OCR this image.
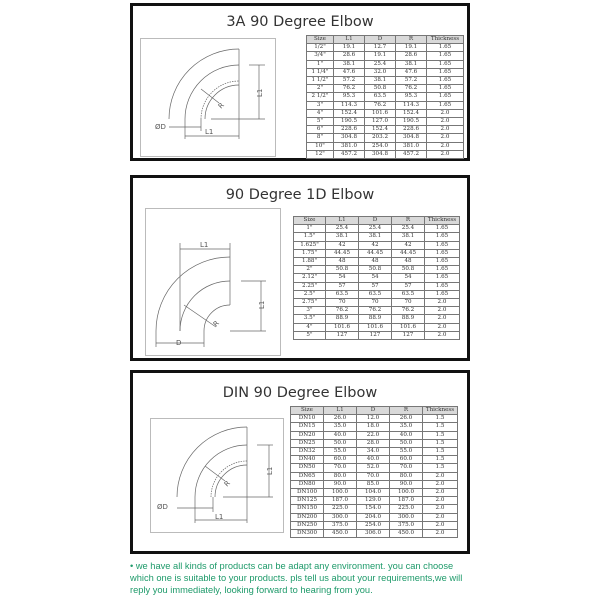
3A 90 Degree Elbow
ØD
L1
L1
R
Size	L1	D	R	Thickness
1/2"	19.1	12.7	19.1	1.65
3/4"	28.6	19.1	28.6	1.65
1"	38.1	25.4	38.1	1.65
1 1/4"	47.6	32.0	47.6	1.65
1 1/2"	57.2	38.1	57.2	1.65
2"	76.2	50.8	76.2	1.65
2 1/2"	95.3	63.5	95.3	1.65
3"	114.3	76.2	114.3	1.65
4"	152.4	101.6	152.4	2.0
5"	190.5	127.0	190.5	2.0
6"	228.6	152.4	228.6	2.0
8"	304.8	203.2	304.8	2.0
10"	381.0	254.0	381.0	2.0
12"	457.2	304.8	457.2	2.0
90 Degree 1D Elbow
L1
L1
D
R
Size	L1	D	R	Thickness
1"	25.4	25.4	25.4	1.65
1.5"	38.1	38.1	38.1	1.65
1.625"	42	42	42	1.65
1.75"	44.45	44.45	44.45	1.65
1.88"	48	48	48	1.65
2"	50.8	50.8	50.8	1.65
2.12"	54	54	54	1.65
2.25"	57	57	57	1.65
2.5"	63.5	63.5	63.5	1.65
2.75"	70	70	70	2.0
3"	76.2	76.2	76.2	2.0
3.5"	88.9	88.9	88.9	2.0
4"	101.6	101.6	101.6	2.0
5"	127	127	127	2.0
DIN 90 Degree Elbow
ØD
L1
L1
R
Size	L1	D	R	Thickness
DN10	26.0	12.0	26.0	1.5
DN15	35.0	18.0	35.0	1.5
DN20	40.0	22.0	40.0	1.5
DN25	50.0	28.0	50.0	1.5
DN32	55.0	34.0	55.0	1.5
DN40	60.0	40.0	60.0	1.5
DN50	70.0	52.0	70.0	1.5
DN65	80.0	70.0	80.0	2.0
DN80	90.0	85.0	90.0	2.0
DN100	100.0	104.0	100.0	2.0
DN125	187.0	129.0	187.0	2.0
DN150	225.0	154.0	225.0	2.0
DN200	300.0	204.0	300.0	2.0
DN250	375.0	254.0	375.0	2.0
DN300	450.0	306.0	450.0	2.0
• we have all kinds of products can be adapt any environment. you can choose which one is suitable to your products. pls tell us about your requirements,we will reply you immediately, looking forward to hearing from you.
